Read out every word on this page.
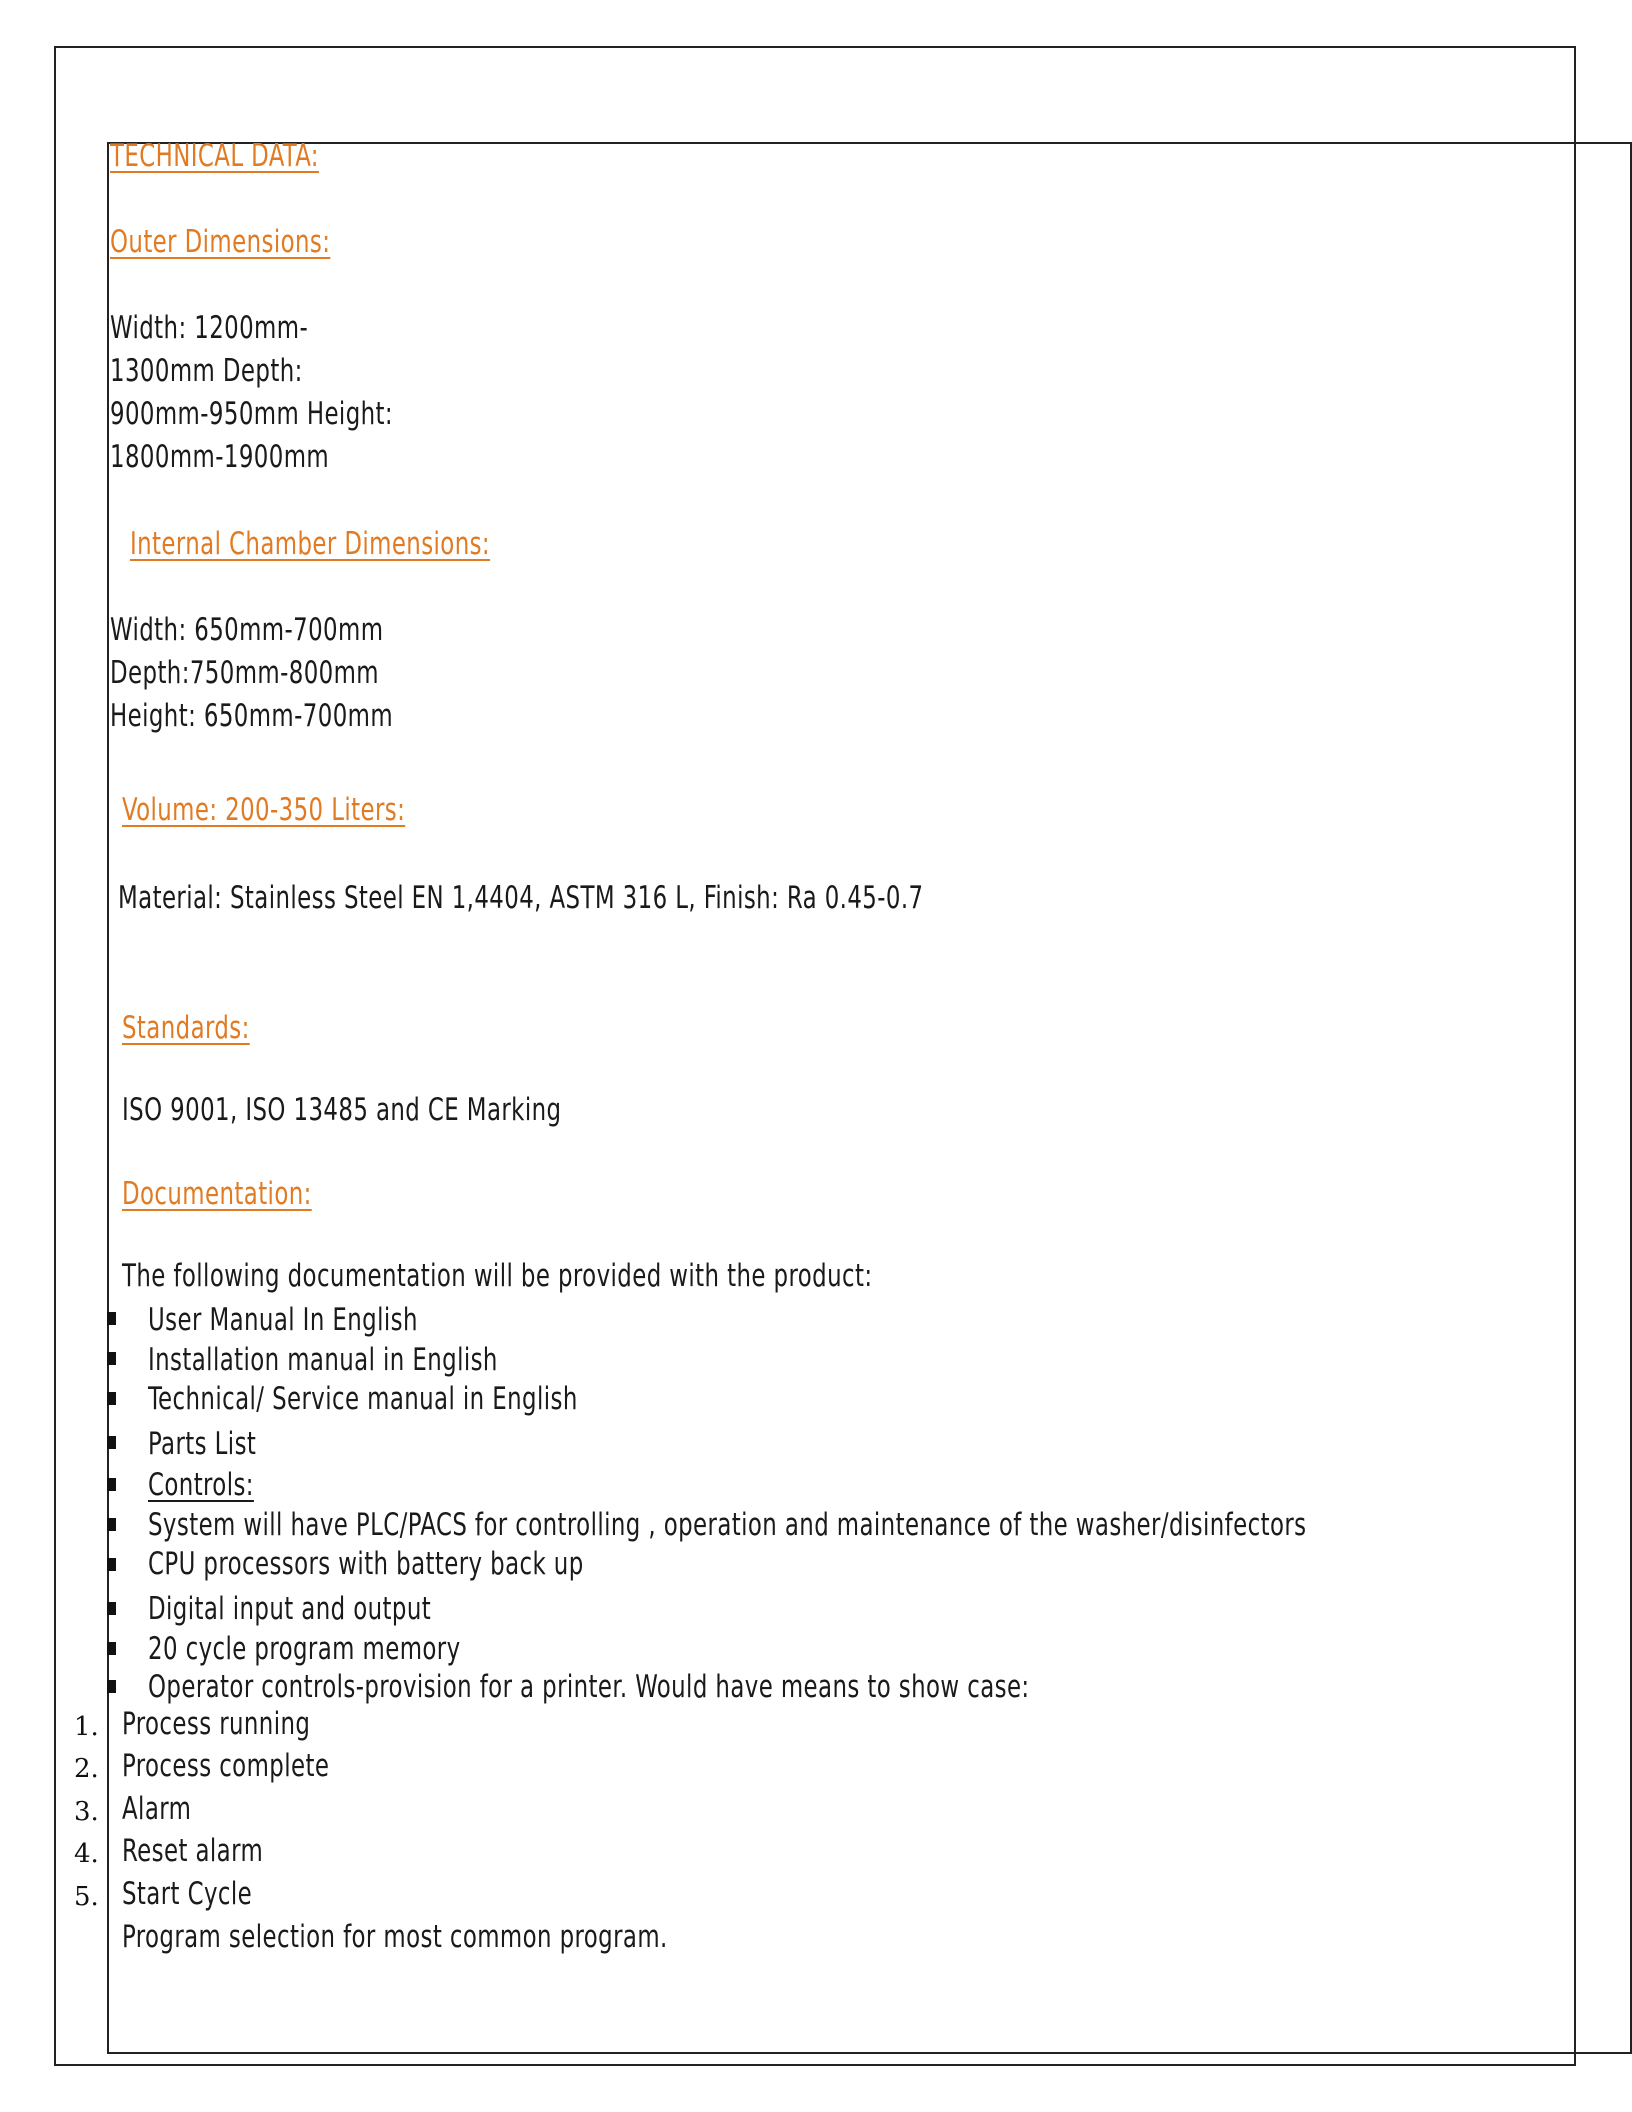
TECHNICAL DATA:
Outer Dimensions:
Width: 1200mm-
1300mm Depth:
900mm-950mm Height:
1800mm-1900mm
Internal Chamber Dimensions:
Width: 650mm-700mm
Depth:750mm-800mm
Height: 650mm-700mm
Volume: 200-350 Liters:
Material: Stainless Steel EN 1,4404, ASTM 316 L, Finish: Ra 0.45-0.7
Standards:
ISO 9001, ISO 13485 and CE Marking
Documentation:
The following documentation will be provided with the product:
User Manual In English
Installation manual in English
Technical/ Service manual in English
Parts List
Controls:
System will have PLC/PACS for controlling , operation and maintenance of the washer/disinfectors
CPU processors with battery back up
Digital input and output
20 cycle program memory
Operator controls-provision for a printer. Would have means to show case:
1. Process running
2. Process complete
3. Alarm
4. Reset alarm
5. Start Cycle
Program selection for most common program.
